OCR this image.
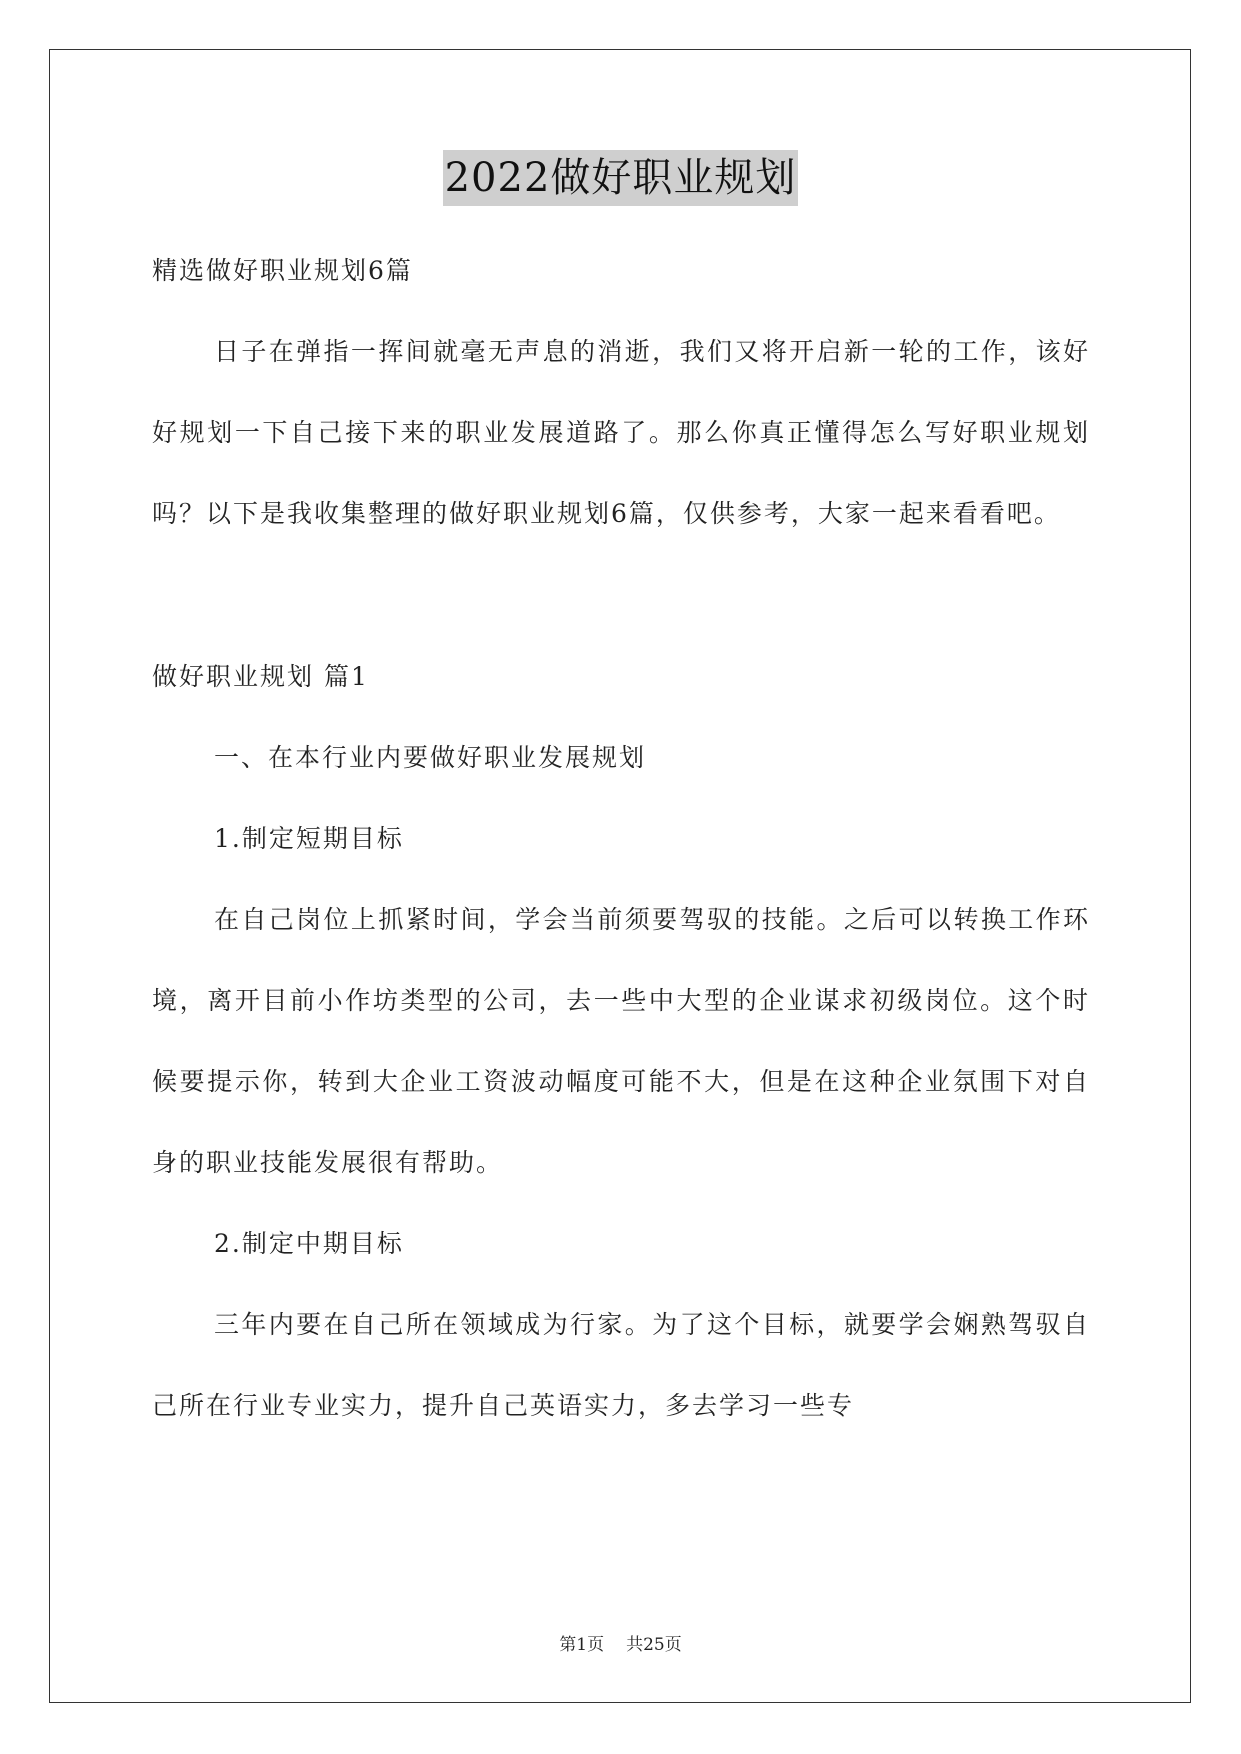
2022做好职业规划

精选做好职业规划6篇

日子在弹指一挥间就毫无声息的消逝，我们又将开启新一轮的工作，该好好规划一下自己接下来的职业发展道路了。那么你真正懂得怎么写好职业规划吗？以下是我收集整理的做好职业规划6篇，仅供参考，大家一起来看看吧。

做好职业规划 篇1

一、在本行业内要做好职业发展规划

1.制定短期目标

在自己岗位上抓紧时间，学会当前须要驾驭的技能。之后可以转换工作环境，离开目前小作坊类型的公司，去一些中大型的企业谋求初级岗位。这个时候要提示你，转到大企业工资波动幅度可能不大，但是在这种企业氛围下对自身的职业技能发展很有帮助。

2.制定中期目标

三年内要在自己所在领域成为行家。为了这个目标，就要学会娴熟驾驭自己所在行业专业实力，提升自己英语实力，多去学习一些专

第1页 共25页
